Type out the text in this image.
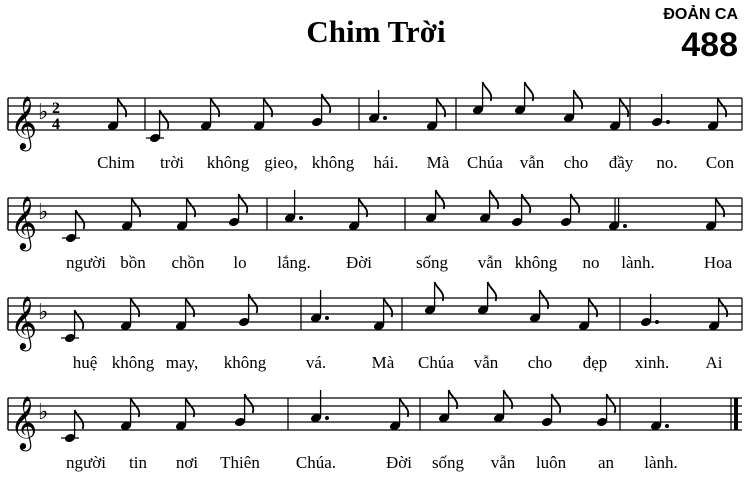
Chim Trời	ĐOẢN CA
488
𝄞 ♭ 2
4
Chim trời không gieo, không hái. Mà Chúa vẫn cho đầy no. Con
𝄞 ♭
người bồn chồn lo lắng. Đời	sống vẫn không no lành.	Hoa
𝄞 ♭
huệ không may, không vá.	Mà Chúa vẫn cho đẹp xinh. Ai
𝄞 ♭
người tin nơi Thiên Chúa.	Đời sống vẫn luôn an lành.
